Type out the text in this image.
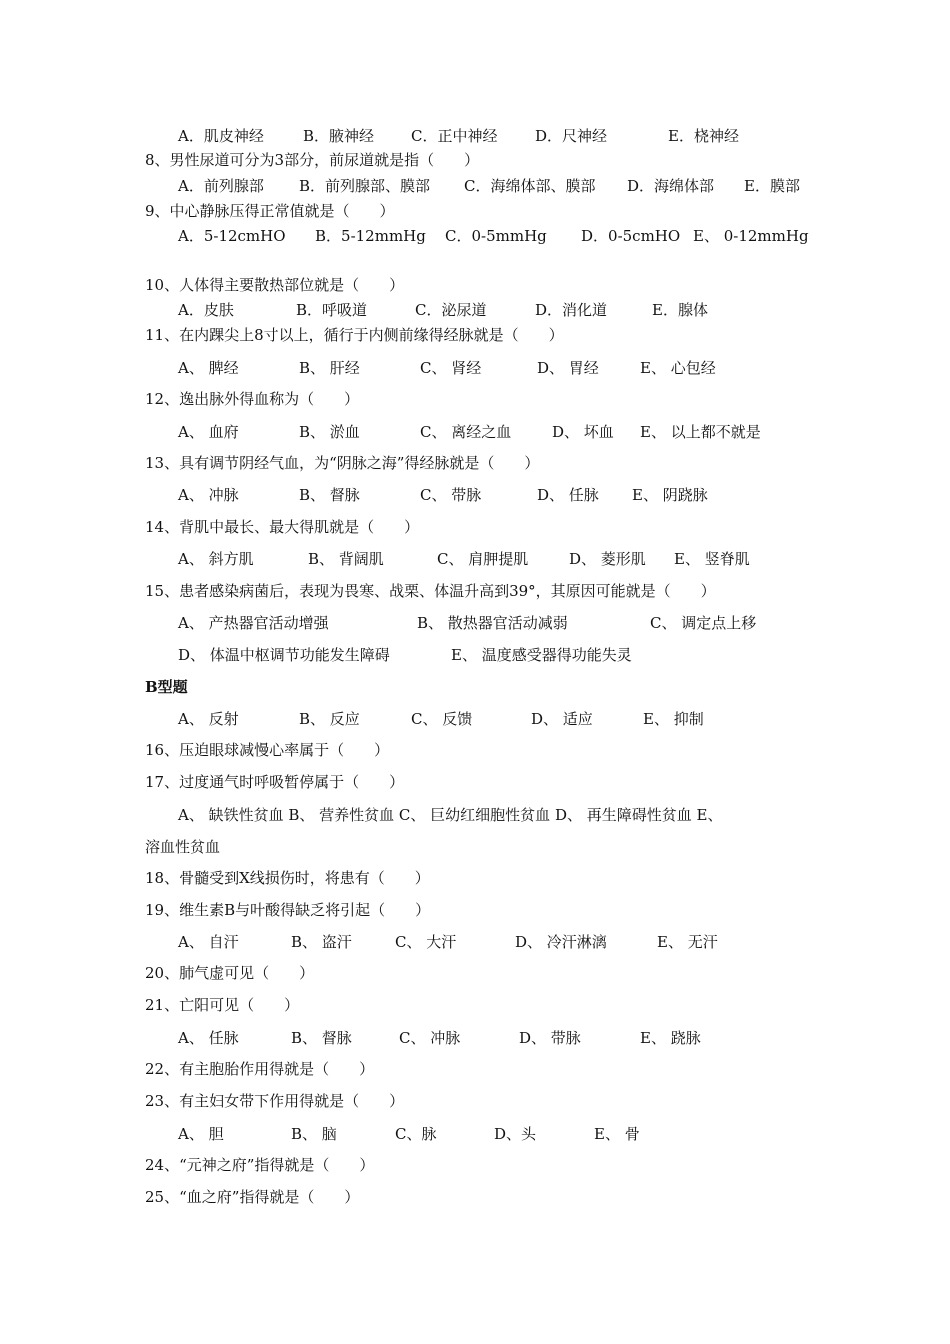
A．肌皮神经	B．腋神经 C．正中神经	D．尺神经	E．桡神经
8、男性尿道可分为3部分，前尿道就是指（　　）
A．前列腺部 B．前列腺部、膜部 C．海绵体部、膜部 D．海绵体部 E．膜部
9、中心静脉压得正常值就是（　　）
A．5-12cmHO B．5-12mmHg C．0-5mmHg D．0-5cmHO E、 0-12mmHg
10、人体得主要散热部位就是（　　）
A．皮肤	B．呼吸道	C．泌尿道	D．消化道	E．腺体
11、在内踝尖上8寸以上，循行于内侧前缘得经脉就是（　　）
A、 脾经	B、 肝经	C、 肾经	D、 胃经	E、 心包经
12、逸出脉外得血称为（　　）
A、 血府	B、 淤血	C、 离经之血	D、 坏血 E、 以上都不就是
13、具有调节阴经气血，为“阴脉之海”得经脉就是（　　）
A、 冲脉	B、 督脉	C、 带脉	D、 任脉 E、 阴跷脉
14、背肌中最长、最大得肌就是（　　）
A、 斜方肌	B、 背阔肌	C、 肩胛提肌	D、 菱形肌 E、 竖脊肌
15、患者感染病菌后，表现为畏寒、战栗、体温升高到39°，其原因可能就是（　　）
A、 产热器官活动增强	B、 散热器官活动减弱	C、 调定点上移
D、 体温中枢调节功能发生障碍	E、 温度感受器得功能失灵
B型题
A、 反射	B、 反应	C、 反馈	D、 适应	E、 抑制
16、压迫眼球减慢心率属于（　　）
17、过度通气时呼吸暂停属于（　　）
A、 缺铁性贫血 B、 营养性贫血 C、 巨幼红细胞性贫血 D、 再生障碍性贫血 E、
溶血性贫血
18、骨髓受到X线损伤时，将患有（　　）
19、维生素B与叶酸得缺乏将引起（　　）
A、 自汗	B、 盗汗	C、 大汗	D、 冷汗淋漓	E、 无汗
20、肺气虚可见（　　）
21、亡阳可见（　　）
A、 任脉	B、 督脉	C、 冲脉	D、 带脉	E、 跷脉
22、有主胞胎作用得就是（　　）
23、有主妇女带下作用得就是（　　）
A、 胆	B、 脑	C、脉	D、头	E、 骨
24、“元神之府”指得就是（　　）
25、“血之府”指得就是（　　）
